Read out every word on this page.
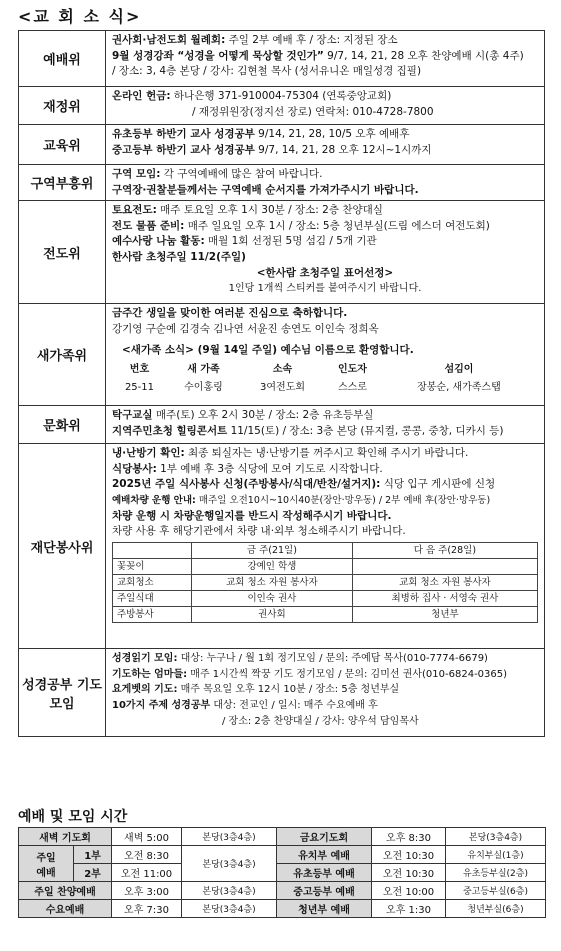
<교 회 소 식>
예배위	
권사회·남전도회 월례회: 주일 2부 예배 후 / 장소: 지정된 장소
9월 성경강좌 “성경을 어떻게 묵상할 것인가” 9/7, 14, 21, 28 오후 찬양예배 시(총 4주)
/ 장소: 3, 4층 본당 / 강사: 김현철 목사 (성서유니온 매일성경 집필)

재정위	
온라인 헌금: 하나은행 371-910004-75304 (연록중앙교회)
/ 재정위원장(정지선 장로) 연락처: 010-4728-7800

교육위	
유초등부 하반기 교사 성경공부 9/14, 21, 28, 10/5 오후 예배후
중고등부 하반기 교사 성경공부 9/7, 14, 21, 28 오후 12시~1시까지

구역부흥위	
구역 모임: 각 구역예배에 많은 참여 바랍니다.
구역장·권찰분들께서는 구역예배 순서지를 가져가주시기 바랍니다.

전도위	
토요전도: 매주 토요일 오후 1시 30분 / 장소: 2층 찬양대실
전도 물품 준비: 매주 일요일 오후 1시 / 장소: 5층 청년부실(드림 에스더 여전도회)
예수사랑 나눔 활동: 매월 1회 선정된 5명 섬김 / 5개 기관
한사람 초청주일 11/2(주일)
<한사람 초청주일 표어선정>
1인당 1개씩 스티커를 붙여주시기 바랍니다.

새가족위	
금주간 생일을 맞이한 여러분 진심으로 축하합니다.
강기영 구순예 김경숙 김나연 서윤진 송연도 이인숙 정희옥
<새가족 소식> (9월 14일 주일) 예수님 이름으로 환영합니다.
번호	새 가족	소속	인도자	섬김이
25-11	수이홍링	3여전도회	스스로	장봉순, 새가족스탭

문화위	
탁구교실 매주(토) 오후 2시 30분 / 장소: 2층 유초등부실
지역주민초청 힐링콘서트 11/15(토) / 장소: 3층 본당 (뮤지컬, 콩콩, 중창, 디카시 등)

재단봉사위	
냉·난방기 확인: 최종 퇴실자는 냉·난방기를 꺼주시고 확인해 주시기 바랍니다.
식당봉사: 1부 예배 후 3층 식당에 모여 기도로 시작합니다.
2025년 주일 식사봉사 신청(주방봉사/식대/반찬/설거지): 식당 입구 게시판에 신청
예배차량 운행 안내: 매주일 오전10시~10시40분(장안·망우동) / 2부 예배 후(장안·망우동)
차량 운행 시 차량운행일지를 반드시 작성해주시기 바랍니다.
차량 사용 후 해당기관에서 차량 내·외부 청소해주시기 바랍니다.
	금 주(21일)	다 음 주(28일)
꽃꽂이	강예인 학생	
교회청소	교회 청소 자원 봉사자	교회 청소 자원 봉사자
주일식대	이인숙 권사	최병하 집사 · 서영숙 권사
주방봉사	권사회	청년부

성경공부 기도모임	
성경읽기 모임: 대상: 누구나 / 월 1회 정기모임 / 문의: 주예담 목사(010-7774-6679)
기도하는 엄마들: 매주 1시간씩 짝꿍 기도 정기모임 / 문의: 김미선 권사(010-6824-0365)
요게벳의 기도: 매주 목요일 오후 12시 10분 / 장소: 5층 청년부실
10가지 주제 성경공부 대상: 전교인 / 일시: 매주 수요예배 후
/ 장소: 2층 찬양대실 / 강사: 양우석 담임목사
예배 및 모임 시간
새벽 기도회		새벽 5:00	본당(3층4층)	금요기도회	오후 8:30	본당(3층4층)

주일
예배	1부	오전 8:30	본당(3층4층)	유치부 예배	오전 10:30	유치부실(1층)
	2부	오전 11:00		유초등부 예배	오전 10:30	유초등부실(2층)
주일 찬양예배		오후 3:00	본당(3층4층)	중고등부 예배	오전 10:00	중고등부실(6층)
수요예배		오후 7:30	본당(3층4층)	청년부 예배	오후 1:30	청년부실(6층)
